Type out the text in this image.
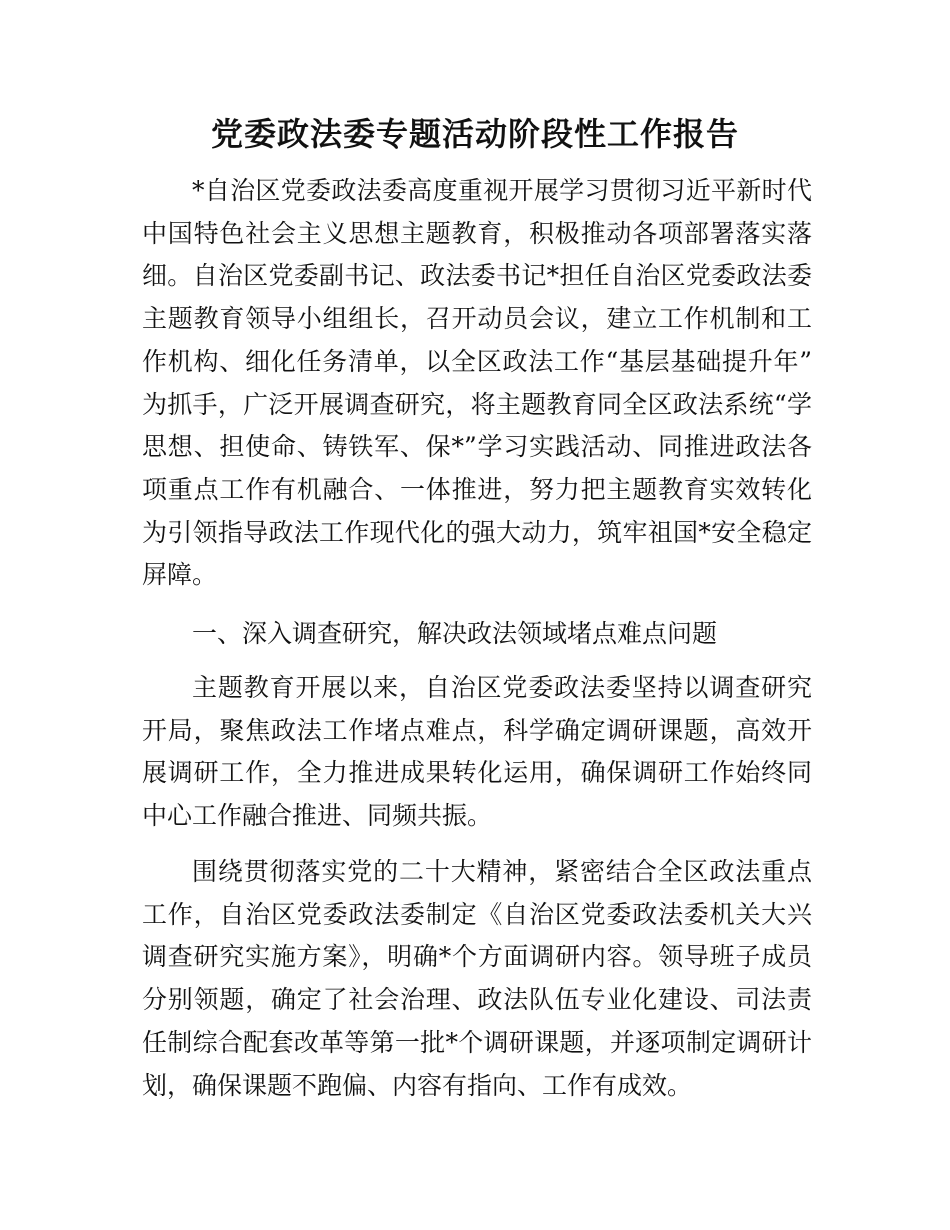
党委政法委专题活动阶段性工作报告

*自治区党委政法委高度重视开展学习贯彻习近平新时代中国特色社会主义思想主题教育，积极推动各项部署落实落细。自治区党委副书记、政法委书记*担任自治区党委政法委主题教育领导小组组长，召开动员会议，建立工作机制和工作机构、细化任务清单，以全区政法工作“基层基础提升年”为抓手，广泛开展调查研究，将主题教育同全区政法系统“学思想、担使命、铸铁军、保*”学习实践活动、同推进政法各项重点工作有机融合、一体推进，努力把主题教育实效转化为引领指导政法工作现代化的强大动力，筑牢祖国*安全稳定屏障。

一、深入调查研究，解决政法领域堵点难点问题

主题教育开展以来，自治区党委政法委坚持以调查研究开局，聚焦政法工作堵点难点，科学确定调研课题，高效开展调研工作，全力推进成果转化运用，确保调研工作始终同中心工作融合推进、同频共振。

围绕贯彻落实党的二十大精神，紧密结合全区政法重点工作，自治区党委政法委制定《自治区党委政法委机关大兴调查研究实施方案》，明确*个方面调研内容。领导班子成员分别领题，确定了社会治理、政法队伍专业化建设、司法责任制综合配套改革等第一批*个调研课题，并逐项制定调研计划，确保课题不跑偏、内容有指向、工作有成效。
